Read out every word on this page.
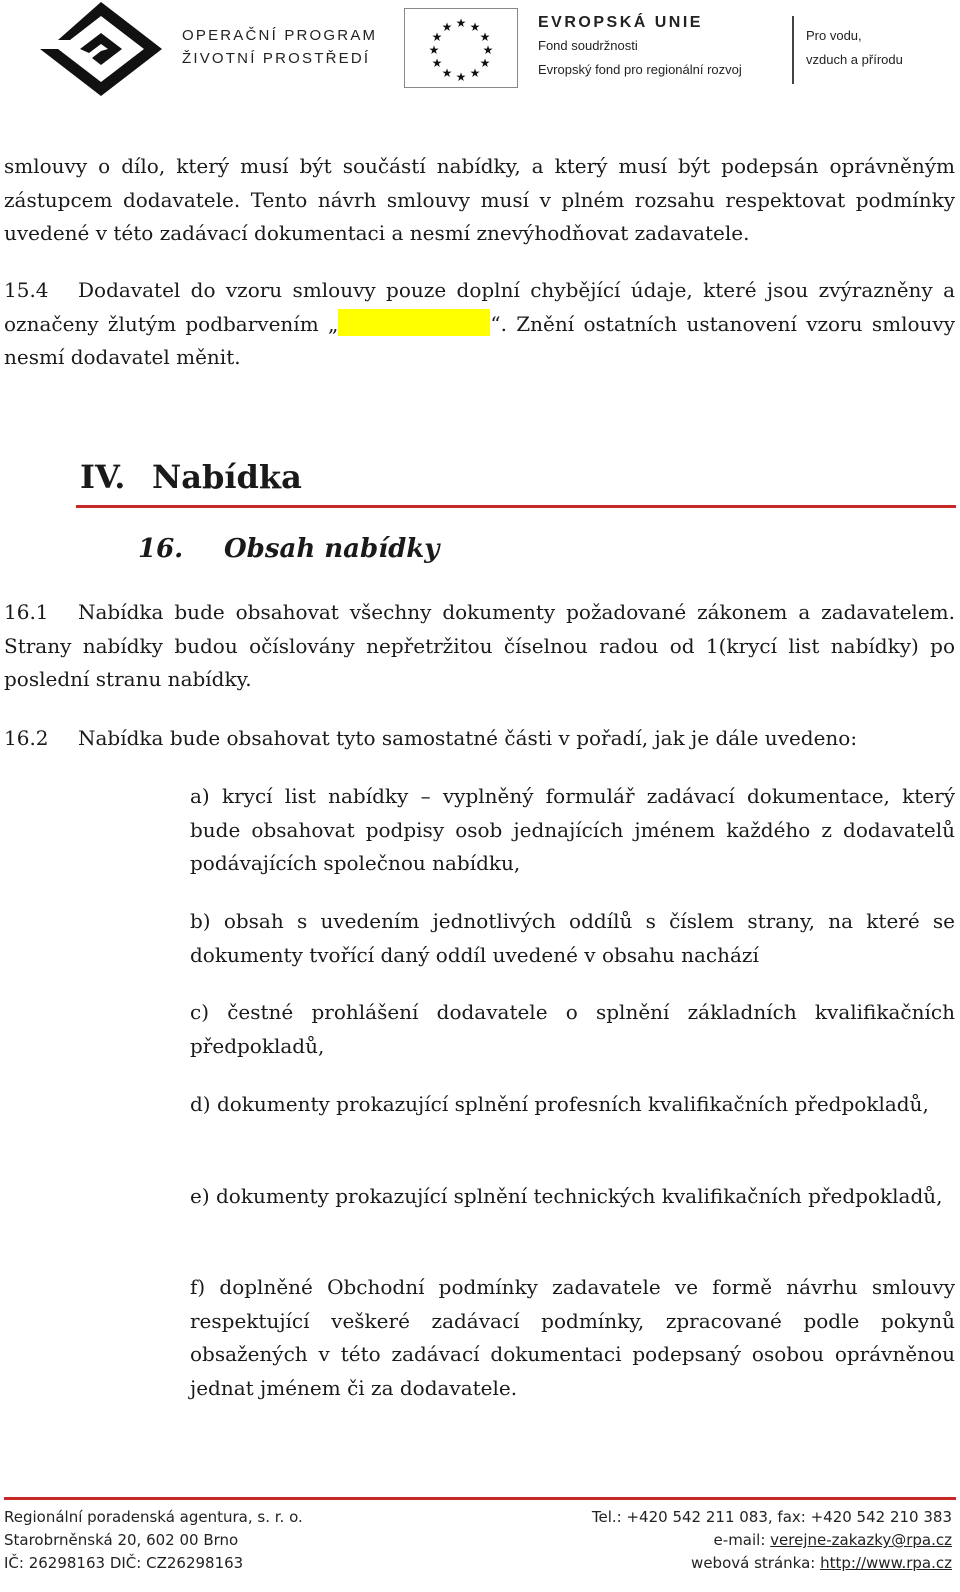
OPERAČNÍ PROGRAM
ŽIVOTNÍ PROSTŘEDÍ
★ ★
★
★
★
★
★
★
★
★
★
★	EVROPSKÁ UNIE
Fond soudržnosti
Evropský fond pro regionální rozvoj
Pro vodu,
vzduch a přírodu
smlouvy o dílo, který musí být součástí nabídky, a který musí být podepsán oprávněným zástupcem dodavatele. Tento návrh smlouvy musí v plném rozsahu respektovat podmínky uvedené v této zadávací dokumentaci a nesmí znevýhodňovat zadavatele.
15.4 Dodavatel do vzoru smlouvy pouze doplní chybějící údaje, které jsou zvýrazněny a označeny žlutým podbarvením „	“. Znění ostatních ustanovení vzoru smlouvy nesmí dodavatel měnit.
IV. Nabídka
16. Obsah nabídky
16.1 Nabídka bude obsahovat všechny dokumenty požadované zákonem a zadavatelem. Strany nabídky budou očíslovány nepřetržitou číselnou radou od 1(krycí list nabídky) po poslední stranu nabídky.
16.2 Nabídka bude obsahovat tyto samostatné části v pořadí, jak je dále uvedeno:
a) krycí list nabídky – vyplněný formulář zadávací dokumentace, který bude obsahovat podpisy osob jednajících jménem každého z dodavatelů podávajících společnou nabídku,
b) obsah s uvedením jednotlivých oddílů s číslem strany, na které se dokumenty tvořící daný oddíl uvedené v obsahu nachází
c) čestné prohlášení dodavatele o splnění základních kvalifikačních předpokladů,
d) dokumenty prokazující splnění profesních kvalifikačních předpokladů,
e) dokumenty prokazující splnění technických kvalifikačních předpokladů,
f) doplněné Obchodní podmínky zadavatele ve formě návrhu smlouvy respektující veškeré zadávací podmínky, zpracované podle pokynů obsažených v této zadávací dokumentaci podepsaný osobou oprávněnou jednat jménem či za dodavatele.
Regionální poradenská agentura, s. r. o.
Starobrněnská 20, 602 00 Brno
IČ: 26298163 DIČ: CZ26298163
Tel.: +420 542 211 083, fax: +420 542 210 383
e-mail: verejne-zakazky@rpa.cz
webová stránka: http://www.rpa.cz
